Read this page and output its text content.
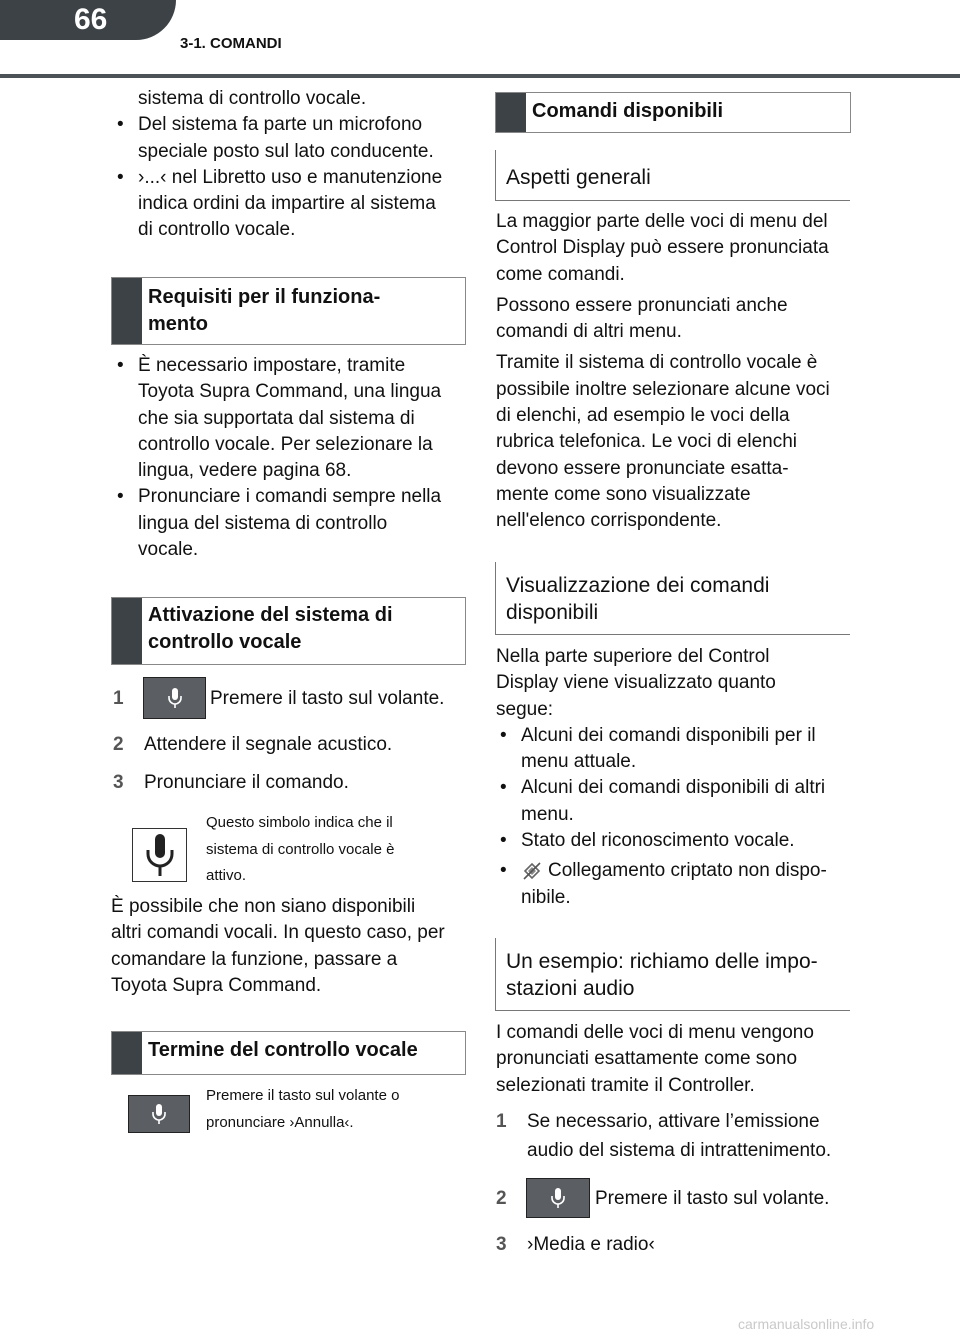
66
3-1. COMANDI
sistema di controllo vocale.
• Del sistema fa parte un microfono
speciale posto sul lato conducente.
• ›...‹ nel Libretto uso e manutenzione
indica ordini da impartire al sistema
di controllo vocale.
Requisiti per il funziona-
mento
• È necessario impostare, tramite
Toyota Supra Command, una lingua
che sia supportata dal sistema di
controllo vocale. Per selezionare la
lingua, vedere pagina 68.
• Pronunciare i comandi sempre nella
lingua del sistema di controllo
vocale.
Attivazione del sistema di
controllo vocale
1	Premere il tasto sul volante.
2 Attendere il segnale acustico.
3 Pronunciare il comando.
Questo simbolo indica che il
sistema di controllo vocale è
attivo.
È possibile che non siano disponibili
altri comandi vocali. In questo caso, per
comandare la funzione, passare a
Toyota Supra Command.
Termine del controllo vocale
Premere il tasto sul volante o
pronunciare ›Annulla‹.
Comandi disponibili
Aspetti generali
La maggior parte delle voci di menu del
Control Display può essere pronunciata
come comandi.
Possono essere pronunciati anche
comandi di altri menu.
Tramite il sistema di controllo vocale è
possibile inoltre selezionare alcune voci
di elenchi, ad esempio le voci della
rubrica telefonica. Le voci di elenchi
devono essere pronunciate esatta-
mente come sono visualizzate
nell'elenco corrispondente.
Visualizzazione dei comandi
disponibili
Nella parte superiore del Control
Display viene visualizzato quanto
segue:
• Alcuni dei comandi disponibili per il
menu attuale.
• Alcuni dei comandi disponibili di altri
menu.
• Stato del riconoscimento vocale.
•	Collegamento criptato non dispo-
nibile.
Un esempio: richiamo delle impo-
stazioni audio
I comandi delle voci di menu vengono
pronunciati esattamente come sono
selezionati tramite il Controller.
1 Se necessario, attivare l’emissione
audio del sistema di intrattenimento.
2	Premere il tasto sul volante.
3 ›Media e radio‹
carmanualsonline.info
